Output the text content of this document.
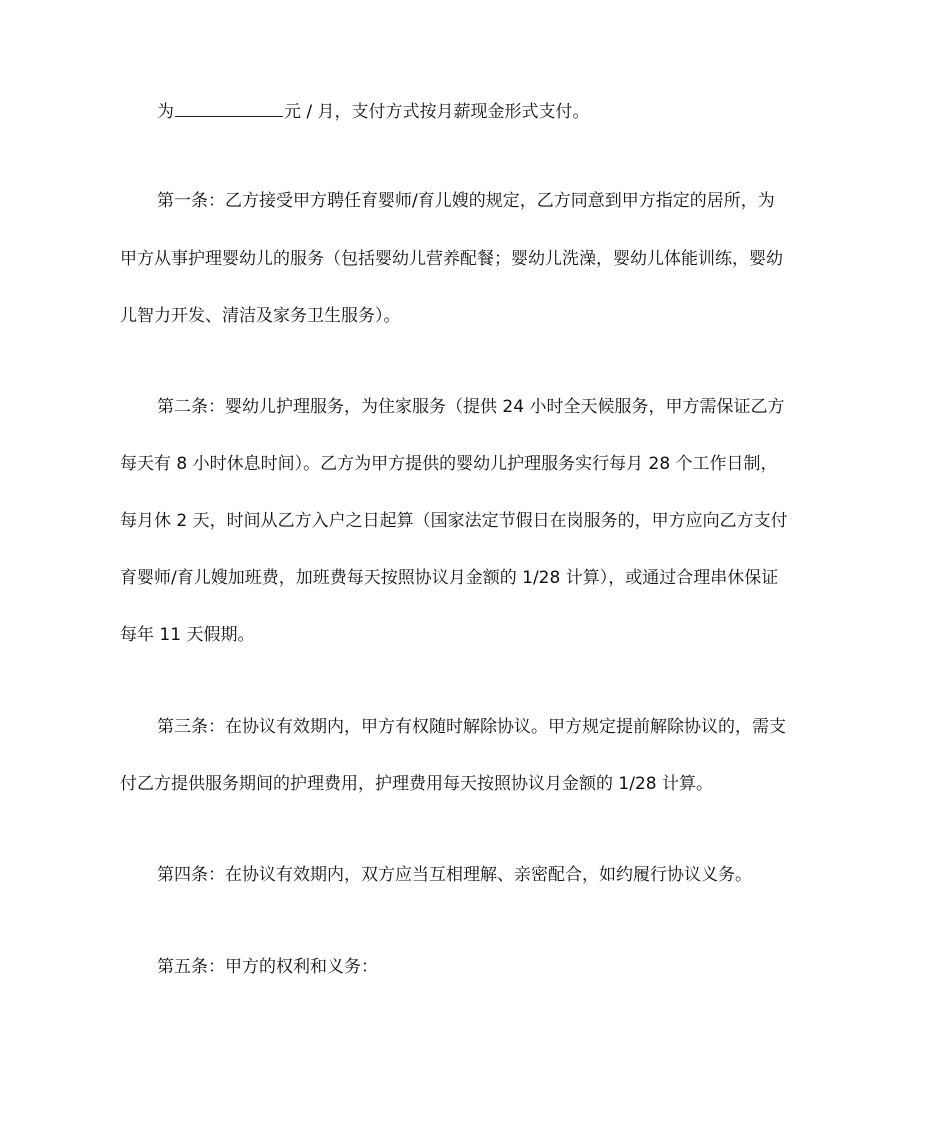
为	元 / 月，支付方式按月薪现金形式支付。
第一条：乙方接受甲方聘任育婴师/育儿嫂的规定，乙方同意到甲方指定的居所，为
甲方从事护理婴幼儿的服务（包括婴幼儿营养配餐；婴幼儿洗澡，婴幼儿体能训练，婴幼
儿智力开发、清洁及家务卫生服务）。
第二条：婴幼儿护理服务，为住家服务（提供 24 小时全天候服务，甲方需保证乙方
每天有 8 小时休息时间）。乙方为甲方提供的婴幼儿护理服务实行每月 28 个工作日制，
每月休 2 天，时间从乙方入户之日起算（国家法定节假日在岗服务的，甲方应向乙方支付
育婴师/育儿嫂加班费，加班费每天按照协议月金额的 1/28 计算），或通过合理串休保证
每年 11 天假期。
第三条：在协议有效期内，甲方有权随时解除协议。甲方规定提前解除协议的，需支
付乙方提供服务期间的护理费用，护理费用每天按照协议月金额的 1/28 计算。
第四条：在协议有效期内，双方应当互相理解、亲密配合，如约履行协议义务。
第五条：甲方的权利和义务：
